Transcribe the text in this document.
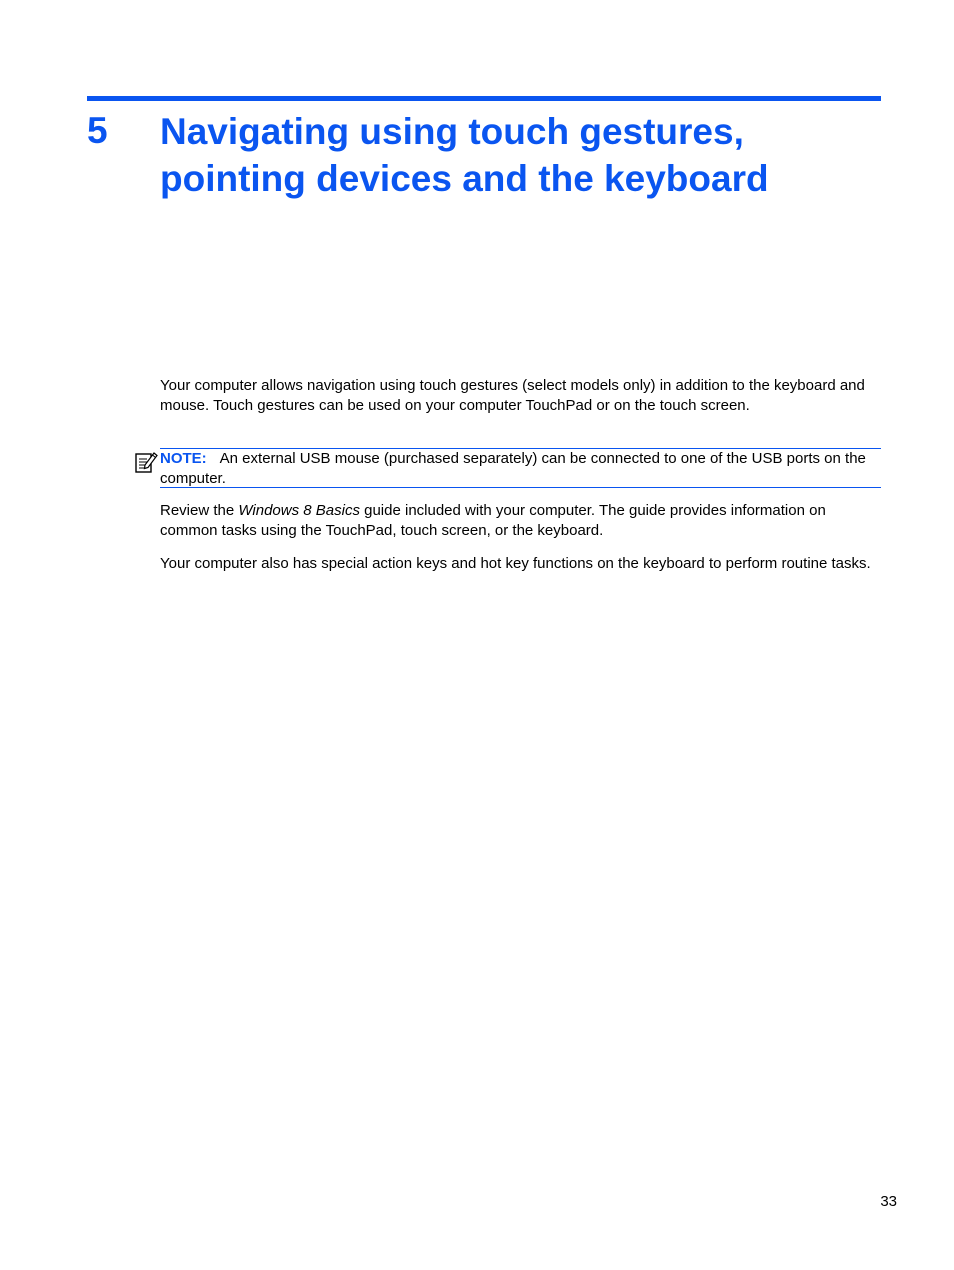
5 Navigating using touch gestures,
pointing devices and the keyboard

Your computer allows navigation using touch gestures (select models only) in addition to the keyboard and mouse. Touch gestures can be used on your computer TouchPad or on the touch screen.

NOTE: An external USB mouse (purchased separately) can be connected to one of the USB ports on the computer.

Review the Windows 8 Basics guide included with your computer. The guide provides information on common tasks using the TouchPad, touch screen, or the keyboard.

Your computer also has special action keys and hot key functions on the keyboard to perform routine tasks.

33
